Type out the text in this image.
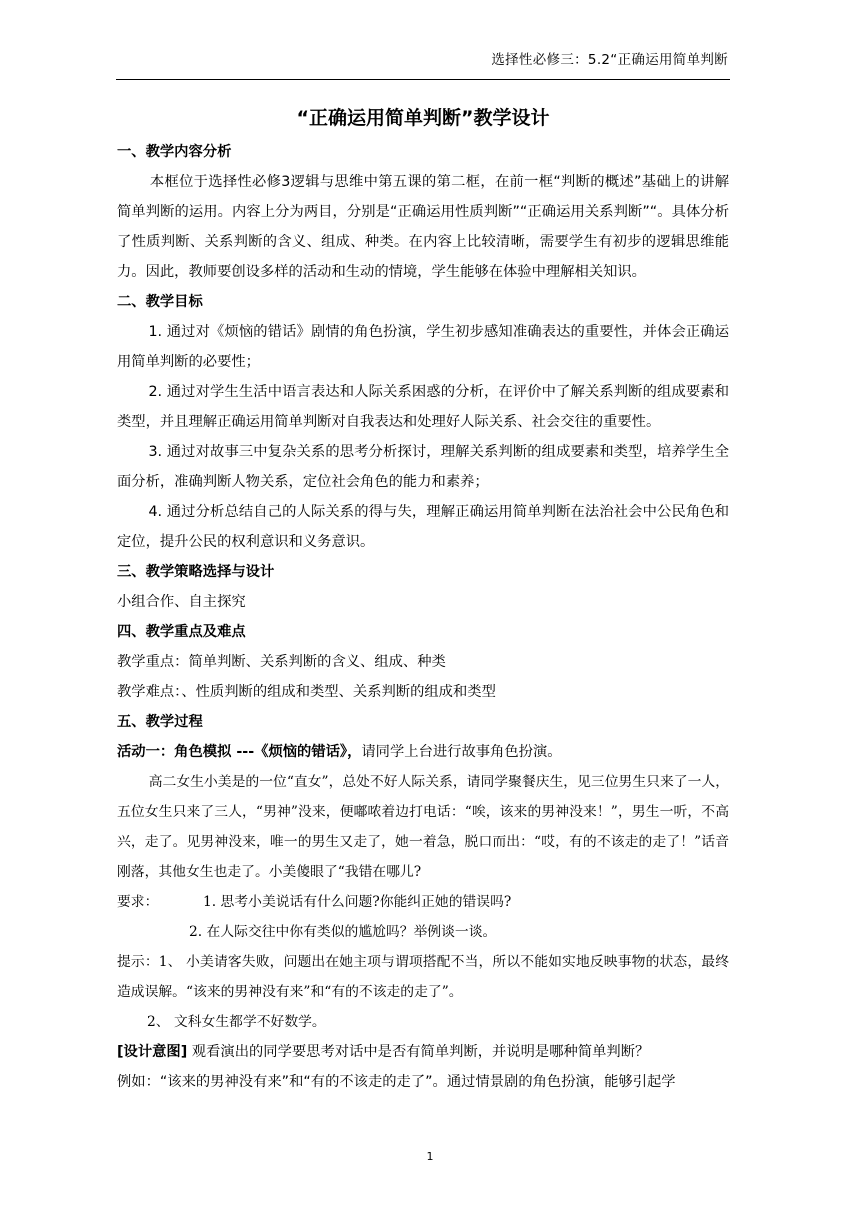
选择性必修三：5.2“正确运用简单判断
“正确运用简单判断”教学设计
一、教学内容分析
本框位于选择性必修3逻辑与思维中第五课的第二框，在前一框“判断的概述”基础上的讲解简单判断的运用。内容上分为两目，分别是“正确运用性质判断”“正确运用关系判断”“。具体分析了性质判断、关系判断的含义、组成、种类。在内容上比较清晰，需要学生有初步的逻辑思维能力。因此，教师要创设多样的活动和生动的情境，学生能够在体验中理解相关知识。
二、教学目标
1. 通过对《烦恼的错话》剧情的角色扮演，学生初步感知准确表达的重要性，并体会正确运用简单判断的必要性；
2. 通过对学生生活中语言表达和人际关系困惑的分析，在评价中了解关系判断的组成要素和类型，并且理解正确运用简单判断对自我表达和处理好人际关系、社会交往的重要性。
3. 通过对故事三中复杂关系的思考分析探讨，理解关系判断的组成要素和类型，培养学生全面分析，准确判断人物关系，定位社会角色的能力和素养；
4. 通过分析总结自己的人际关系的得与失，理解正确运用简单判断在法治社会中公民角色和定位，提升公民的权利意识和义务意识。
三、教学策略选择与设计
小组合作、自主探究
四、教学重点及难点
教学重点：简单判断、关系判断的含义、组成、种类
教学难点：、性质判断的组成和类型、关系判断的组成和类型
五、教学过程
活动一：角色模拟 ---《烦恼的错话》，请同学上台进行故事角色扮演。
高二女生小美是的一位“直女”，总处不好人际关系，请同学聚餐庆生，见三位男生只来了一人，五位女生只来了三人，“男神”没来，便嘟哝着边打电话：“唉，该来的男神没来！”，男生一听，不高兴，走了。见男神没来，唯一的男生又走了，她一着急，脱口而出：“哎，有的不该走的走了！”话音刚落，其他女生也走了。小美傻眼了“我错在哪儿?
要求：	1. 思考小美说话有什么问题?你能纠正她的错误吗?
2. 在人际交往中你有类似的尴尬吗？举例谈一谈。
提示：1、 小美请客失败，问题出在她主项与谓项搭配不当，所以不能如实地反映事物的状态，最终造成误解。“该来的男神没有来”和“有的不该走的走了”。
2、 文科女生都学不好数学。
[设计意图] 观看演出的同学要思考对话中是否有简单判断，并说明是哪种简单判断？
例如：“该来的男神没有来”和“有的不该走的走了”。通过情景剧的角色扮演，能够引起学
1
